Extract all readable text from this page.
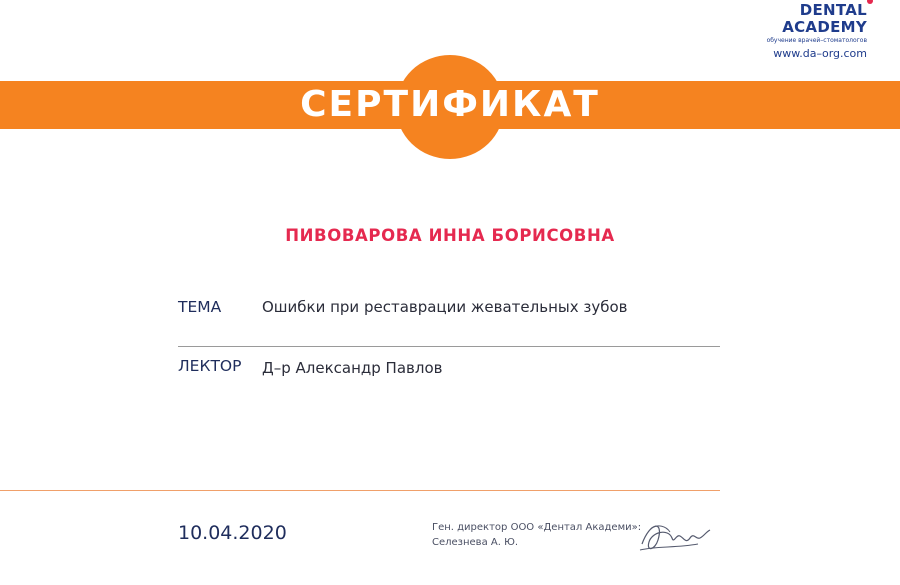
DENTAL
ACADEMY
обучение врачей–стоматологов
www.da–org.com
СЕРТИФИКАТ
ПИВОВАРОВА ИННА БОРИСОВНА
ТЕМА	Ошибки при реставрации жевательных зубов
ЛЕКТОР Д–р Александр Павлов
10.04.2020	Ген. директор ООО «Дентал Академи»:
Селезнева А. Ю.
